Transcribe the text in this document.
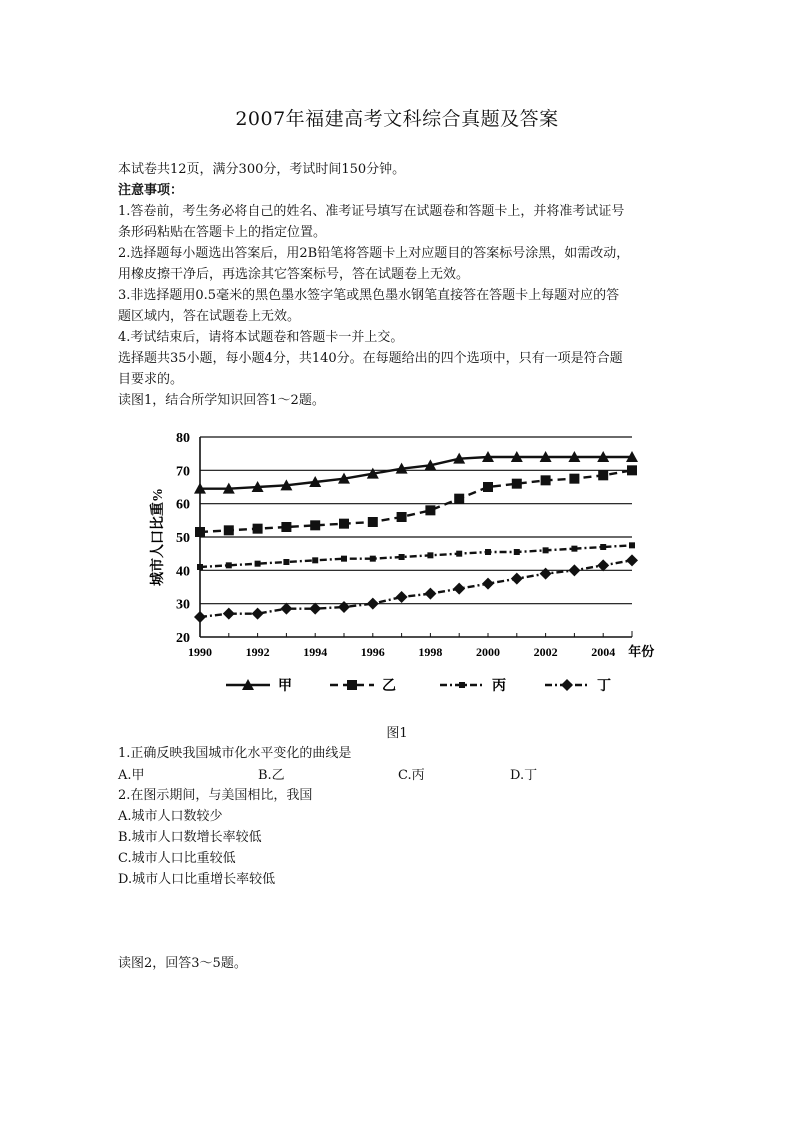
2007年福建高考文科综合真题及答案

本试卷共12页，满分300分，考试时间150分钟。

注意事项：

1.答卷前，考生务必将自己的姓名、准考证号填写在试题卷和答题卡上，并将准考试证号
条形码粘贴在答题卡上的指定位置。
2.选择题每小题选出答案后，用2B铅笔将答题卡上对应题目的答案标号涂黑，如需改动，
用橡皮擦干净后，再选涂其它答案标号，答在试题卷上无效。
3.非选择题用0.5毫米的黑色墨水签字笔或黑色墨水钢笔直接答在答题卡上每题对应的答
题区域内，答在试题卷上无效。
4.考试结束后，请将本试题卷和答题卡一并上交。
选择题共35小题，每小题4分，共140分。在每题给出的四个选项中，只有一项是符合题
目要求的。

读图1，结合所学知识回答1～2题。

20
30
40
50
60
70
80
1990	1992	1994	1996	1998	2000	2002	2004 年份
城市人口比重%
甲	乙	丙	丁
图1

1.正确反映我国城市化水平变化的曲线是

A.甲	B.乙	C.丙	D.丁

2.在图示期间，与美国相比，我国

A.城市人口数较少

B.城市人口数增长率较低

C.城市人口比重较低

D.城市人口比重增长率较低

读图2，回答3～5题。
